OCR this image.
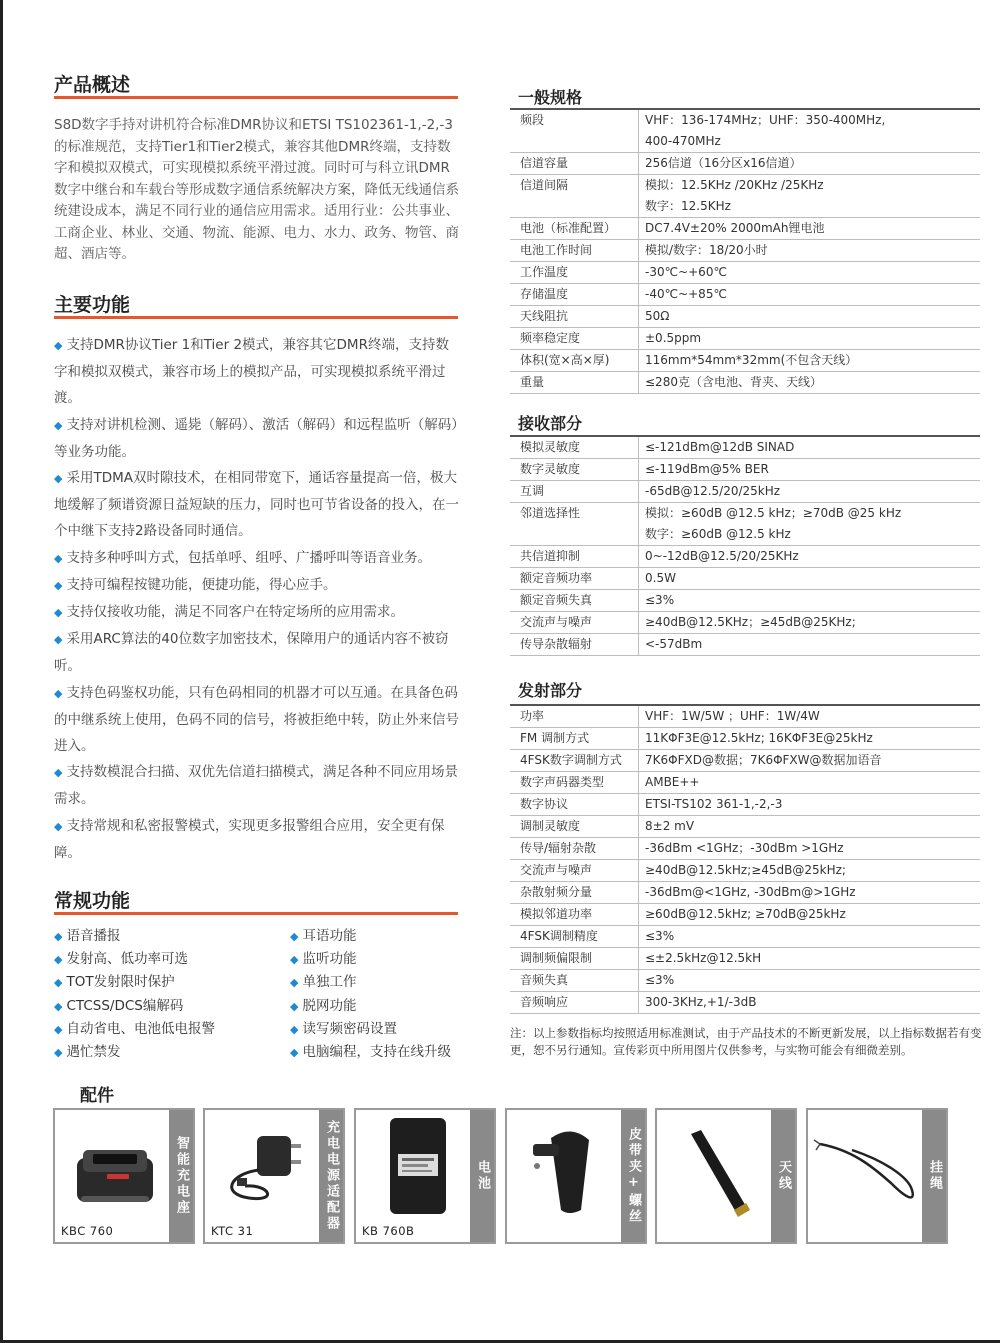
产品概述
S8D数字手持对讲机符合标准DMR协议和ETSI TS102361-1,-2,-3的标准规范，支持Tier1和Tier2模式，兼容其他DMR终端，支持数字和模拟双模式，可实现模拟系统平滑过渡。同时可与科立讯DMR数字中继台和车载台等形成数字通信系统解决方案，降低无线通信系统建设成本，满足不同行业的通信应用需求。适用行业：公共事业、工商企业、林业、交通、物流、能源、电力、水力、政务、物管、商超、酒店等。
主要功能
◆ 支持DMR协议Tier 1和Tier 2模式，兼容其它DMR终端，支持数字和模拟双模式，兼容市场上的模拟产品，可实现模拟系统平滑过渡。
◆ 支持对讲机检测、遥毙（解码）、激活（解码）和远程监听（解码）等业务功能。
◆ 采用TDMA双时隙技术，在相同带宽下，通话容量提高一倍，极大地缓解了频谱资源日益短缺的压力，同时也可节省设备的投入，在一个中继下支持2路设备同时通信。
◆ 支持多种呼叫方式，包括单呼、组呼、广播呼叫等语音业务。
◆ 支持可编程按键功能，便捷功能，得心应手。
◆ 支持仅接收功能，满足不同客户在特定场所的应用需求。
◆ 采用ARC算法的40位数字加密技术，保障用户的通话内容不被窃听。
◆ 支持色码鉴权功能，只有色码相同的机器才可以互通。在具备色码的中继系统上使用，色码不同的信号，将被拒绝中转，防止外来信号进入。
◆ 支持数模混合扫描、双优先信道扫描模式，满足各种不同应用场景需求。
◆ 支持常规和私密报警模式，实现更多报警组合应用，安全更有保障。
常规功能
◆ 语音播报	◆ 耳语功能
◆ 发射高、低功率可选	◆ 监听功能
◆ TOT发射限时保护	◆ 单独工作
◆ CTCSS/DCS编解码	◆ 脱网功能
◆ 自动省电、电池低电报警	◆ 读写频密码设置
◆ 遇忙禁发	◆ 电脑编程，支持在线升级
一般规格
频段	VHF：136-174MHz；UHF：350-400MHz,
400-470MHz

信道容量	256信道（16分区x16信道）

信道间隔	模拟：12.5KHz /20KHz /25KHz
数字：12.5KHz

电池（标准配置）	DC7.4V±20% 2000mAh锂电池

电池工作时间	模拟/数字：18/20小时

工作温度	-30℃~+60℃

存储温度	-40℃~+85℃

天线阻抗	50Ω

频率稳定度	±0.5ppm

体积(宽×高×厚)	116mm*54mm*32mm(不包含天线）

重量	≤280克（含电池、背夹、天线）
接收部分
模拟灵敏度	≤-121dBm@12dB SINAD

数字灵敏度	≤-119dBm@5% BER

互调	-65dB@12.5/20/25kHz

邻道选择性	模拟：≥60dB @12.5 kHz；≥70dB @25 kHz
数字：≥60dB @12.5 kHz

共信道抑制	0~-12dB@12.5/20/25KHz

额定音频功率	0.5W

额定音频失真	≤3%

交流声与噪声	≥40dB@12.5KHz；≥45dB@25KHz;

传导杂散辐射	<-57dBm
发射部分
功率	VHF：1W/5W ；UHF：1W/4W

FM 调制方式	11KΦF3E@12.5kHz; 16KΦF3E@25kHz

4FSK数字调制方式	7K6ΦFXD@数据；7K6ΦFXW@数据加语音

数字声码器类型	AMBE++

数字协议	ETSI-TS102 361-1,-2,-3

调制灵敏度	8±2 mV

传导/辐射杂散	-36dBm <1GHz；-30dBm >1GHz

交流声与噪声	≥40dB@12.5kHz;≥45dB@25kHz;

杂散射频分量	-36dBm@<1GHz, -30dBm@>1GHz

模拟邻道功率	≥60dB@12.5kHz; ≥70dB@25kHz

4FSK调制精度	≤3%

调制频偏限制	≤±2.5kHz@12.5kH

音频失真	≤3%

音频响应	300-3KHz,+1/-3dB
注：以上参数指标均按照适用标准测试，由于产品技术的不断更新发展，以上指标数据若有变更，恕不另行通知。宣传彩页中所用图片仅供参考，与实物可能会有细微差别。
配件
KBC 760
智能充电座
KTC 31	充电电源适配器	KB 760B
电池	皮带夹+螺丝	天线	挂绳
